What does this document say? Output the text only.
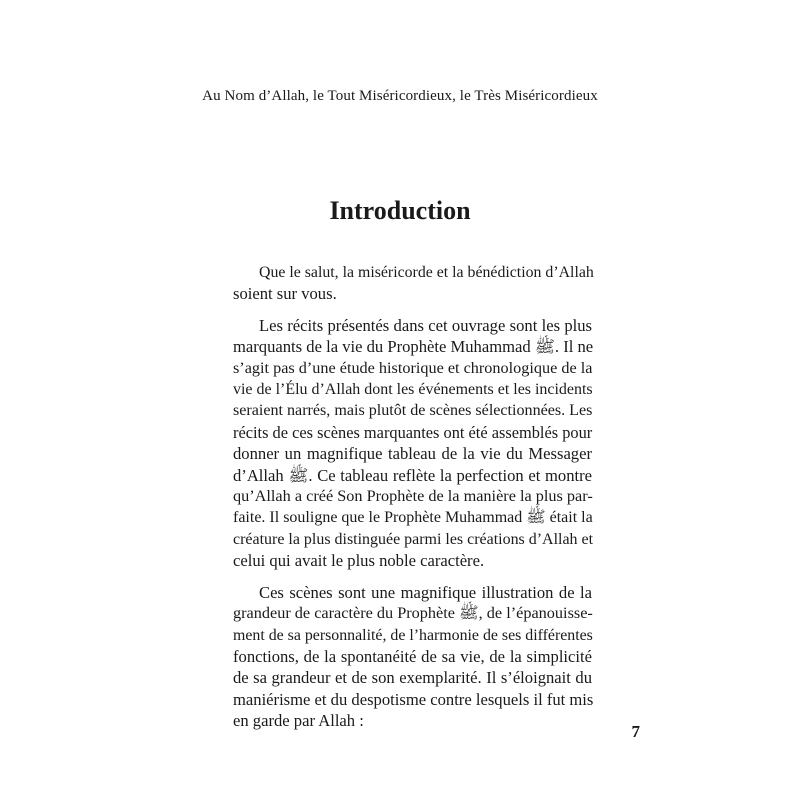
Au Nom d’Allah, le Tout Miséricordieux, le Très Miséricordieux
Introduction

Que le salut, la miséricorde et la bénédiction d’Allah
soient sur vous.

Les récits présentés dans cet ouvrage sont les plus
marquants de la vie du Prophète Muhammad ﷺ. Il ne
s’agit pas d’une étude historique et chronologique de la
vie de l’Élu d’Allah dont les événements et les incidents
seraient narrés, mais plutôt de scènes sélectionnées. Les
récits de ces scènes marquantes ont été assemblés pour
donner un magnifique tableau de la vie du Messager
d’Allah ﷺ. Ce tableau reflète la perfection et montre
qu’Allah a créé Son Prophète de la manière la plus par-
faite. Il souligne que le Prophète Muhammad ﷺ était la
créature la plus distinguée parmi les créations d’Allah et
celui qui avait le plus noble caractère.

Ces scènes sont une magnifique illustration de la
grandeur de caractère du Prophète ﷺ, de l’épanouisse-
ment de sa personnalité, de l’harmonie de ses différentes
fonctions, de la spontanéité de sa vie, de la simplicité
de sa grandeur et de son exemplarité. Il s’éloignait du
maniérisme et du despotisme contre lesquels il fut mis
en garde par Allah :

7
